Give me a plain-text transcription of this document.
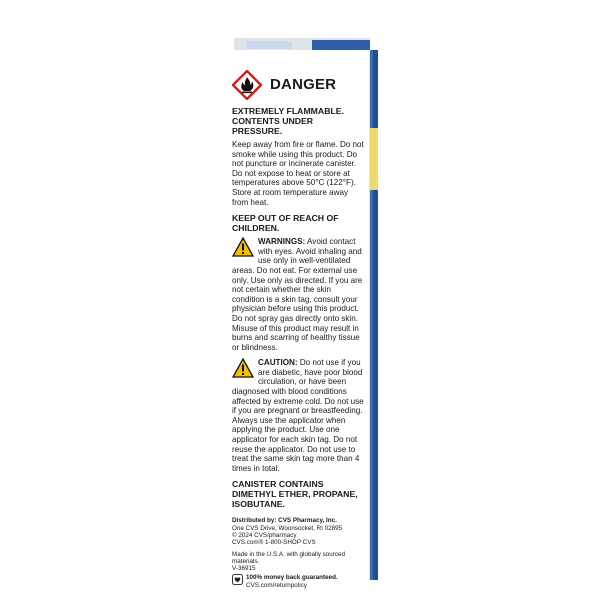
DANGER

EXTREMELY FLAMMABLE. CONTENTS UNDER PRESSURE.

Keep away from fire or flame. Do not smoke while using this product. Do not puncture or incinerate canister. Do not expose to heat or store at temperatures above 50°C (122°F). Store at room temperature away from heat.

KEEP OUT OF REACH OF CHILDREN.

WARNINGS: Avoid contact with eyes. Avoid inhaling and use only in well-ventilated areas. Do not eat. For external use only. Use only as directed. If you are not certain whether the skin condition is a skin tag, consult your physician before using this product. Do not spray gas directly onto skin. Misuse of this product may result in burns and scarring of healthy tissue or blindness.
CAUTION: Do not use if you are diabetic, have poor blood circulation, or have been diagnosed with blood conditions affected by extreme cold. Do not use if you are pregnant or breastfeeding. Always use the applicator when applying the product. Use one applicator for each skin tag. Do not reuse the applicator. Do not use to treat the same skin tag more than 4 times in total.

CANISTER CONTAINS DIMETHYL ETHER, PROPANE, ISOBUTANE.

Distributed by: CVS Pharmacy, Inc.

One CVS Drive, Woonsocket, RI 02895

© 2024 CVS/pharmacy

CVS.com® 1-800-SHOP CVS

Made in the U.S.A. with globally sourced materials.

V-36915

100% money back guaranteed.
CVS.com/returnpolicy
